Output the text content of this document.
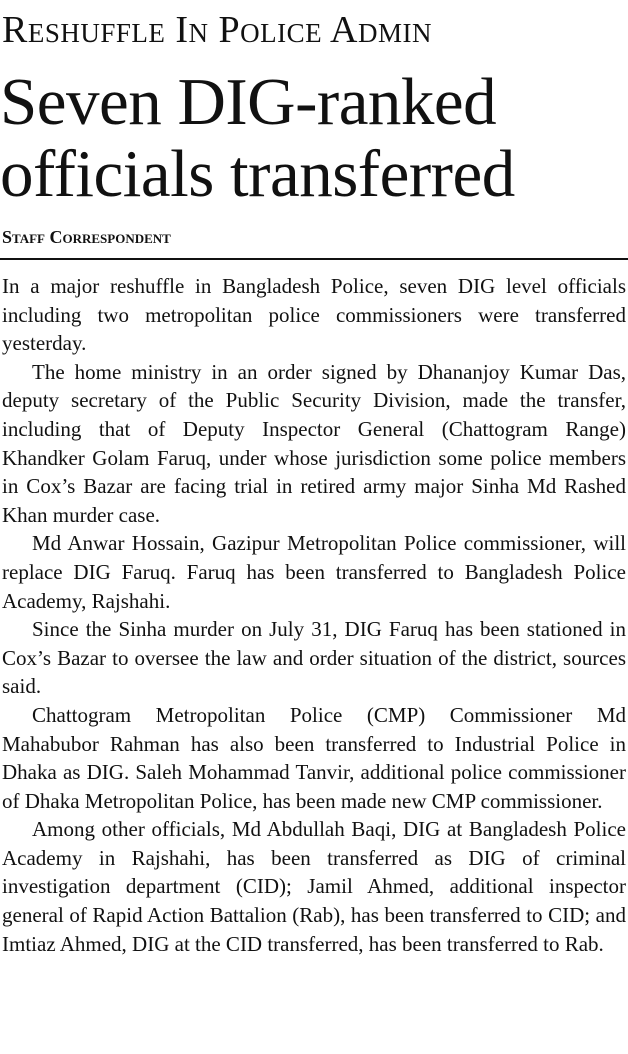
Reshuffle In Police Admin
Seven DIG-ranked officials transferred
Staff Correspondent

In a major reshuffle in Bangladesh Police, seven DIG level officials including two metropolitan police commissioners were transferred yesterday.

The home ministry in an order signed by Dhananjoy Kumar Das, deputy secretary of the Public Security Division, made the transfer, including that of Deputy Inspector General (Chattogram Range) Khandker Golam Faruq, under whose jurisdiction some police members in Cox’s Bazar are facing trial in retired army major Sinha Md Rashed Khan murder case.

Md Anwar Hossain, Gazipur Metropolitan Police commissioner, will replace DIG Faruq. Faruq has been transferred to Bangladesh Police Academy, Rajshahi.

Since the Sinha murder on July 31, DIG Faruq has been stationed in Cox’s Bazar to oversee the law and order situation of the district, sources said.

Chattogram Metropolitan Police (CMP) Commissioner Md Mahabubor Rahman has also been transferred to Industrial Police in Dhaka as DIG. Saleh Mohammad Tanvir, additional police commissioner of Dhaka Metropolitan Police, has been made new CMP commissioner.

Among other officials, Md Abdullah Baqi, DIG at Bangladesh Police Academy in Rajshahi, has been transferred as DIG of criminal investigation department (CID); Jamil Ahmed, additional inspector general of Rapid Action Battalion (Rab), has been transferred to CID; and Imtiaz Ahmed, DIG at the CID transferred, has been transferred to Rab.
